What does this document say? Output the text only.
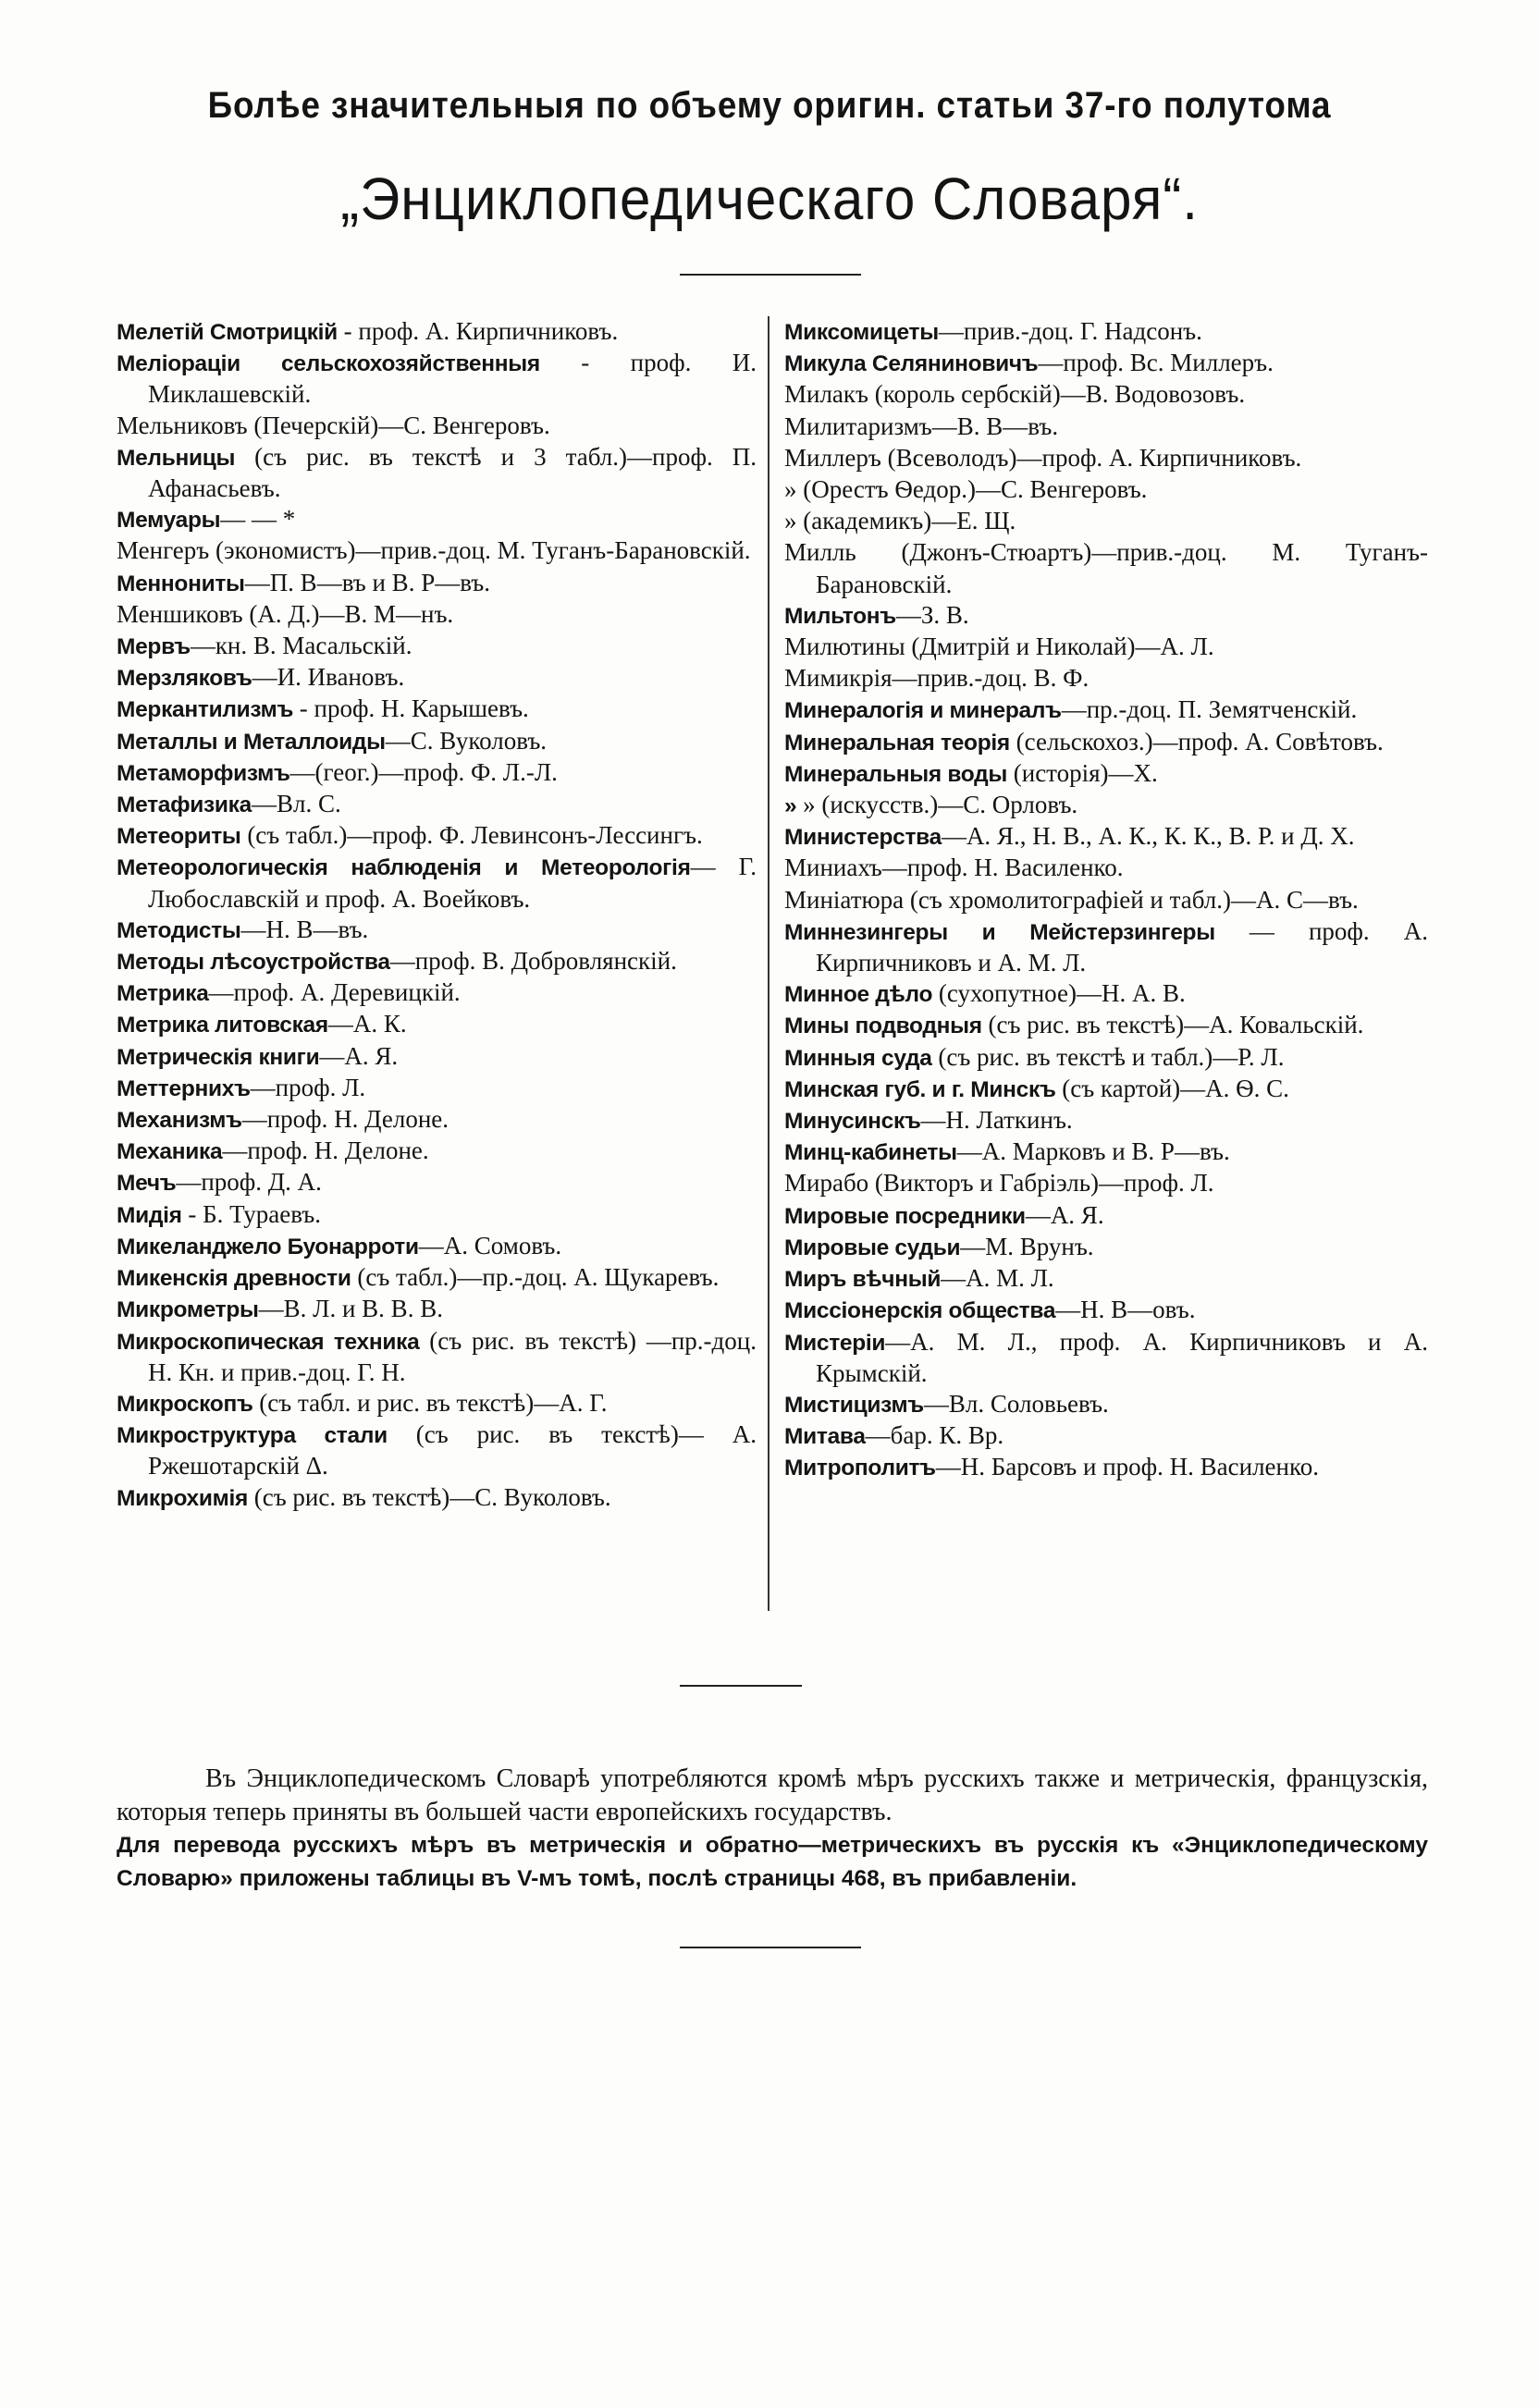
Болѣе значительныя по объему оригин. статьи 37-го полутома
„Энциклопедическаго Словаря“.
Мелетій Смотрицкій - проф. А. Кирпичниковъ.
Меліораціи сельскохозяйственныя - проф. И. Миклашевскій.
Мельниковъ (Печерскій)—С. Венгеровъ.
Мельницы (съ рис. въ текстѣ и 3 табл.)—проф. П. Афанасьевъ.
Мемуары— — *
Менгеръ (экономистъ)—прив.-доц. М. Туганъ-Барановскій.
Меннониты—П. В—въ и В. Р—въ.
Меншиковъ (А. Д.)—В. М—нъ.
Мервъ—кн. В. Масальскій.
Мерзляковъ—И. Ивановъ.
Меркантилизмъ - проф. Н. Карышевъ.
Металлы и Металлоиды—С. Вуколовъ.
Метаморфизмъ—(геог.)—проф. Ф. Л.-Л.
Метафизика—Вл. С.
Метеориты (съ табл.)—проф. Ф. Левинсонъ-Лессингъ.
Метеорологическія наблюденія и Метеорологія— Г. Любославскій и проф. А. Воейковъ.
Методисты—Н. В—въ.
Методы лѣсоустройства—проф. В. Добровлянскій.
Метрика—проф. А. Деревицкій.
Метрика литовская—А. К.
Метрическія книги—А. Я.
Меттернихъ—проф. Л.
Механизмъ—проф. Н. Делоне.
Механика—проф. Н. Делоне.
Мечъ—проф. Д. А.
Мидія - Б. Тураевъ.
Микеланджело Буонарроти—А. Сомовъ.
Микенскія древности (съ табл.)—пр.-доц. А. Щукаревъ.
Микрометры—В. Л. и В. В. В.
Микроскопическая техника (съ рис. въ текстѣ) —пр.-доц. Н. Кн. и прив.-доц. Г. Н.
Микроскопъ (съ табл. и рис. въ текстѣ)—А. Г.
Микроструктура стали (съ рис. въ текстѣ)— А. Ржешотарскій Δ.
Микрохимія (съ рис. въ текстѣ)—С. Вуколовъ.
Миксомицеты—прив.-доц. Г. Надсонъ.
Микула Селяниновичъ—проф. Вс. Миллеръ.
Милакъ (король сербскій)—В. Водовозовъ.
Милитаризмъ—В. В—въ.
Миллеръ (Всеволодъ)—проф. А. Кирпичниковъ.
» (Орестъ Ѳедор.)—С. Венгеровъ.
» (академикъ)—Е. Щ.
Милль (Джонъ-Стюартъ)—прив.-доц. М. Туганъ-Барановскій.
Мильтонъ—З. В.
Милютины (Дмитрій и Николай)—А. Л.
Мимикрія—прив.-доц. В. Ф.
Минералогія и минералъ—пр.-доц. П. Земятченскій.
Минеральная теорія (сельскохоз.)—проф. А. Совѣтовъ.
Минеральныя воды (исторія)—Х.
» » (искусств.)—С. Орловъ.
Министерства—А. Я., Н. В., А. К., К. К., В. Р. и Д. Х.
Миниахъ—проф. Н. Василенко.
Миніатюра (съ хромолитографіей и табл.)—А. С—въ.
Миннезингеры и Мейстерзингеры — проф. А. Кирпичниковъ и А. М. Л.
Минное дѣло (сухопутное)—Н. А. В.
Мины подводныя (съ рис. въ текстѣ)—А. Ковальскій.
Минныя суда (съ рис. въ текстѣ и табл.)—Р. Л.
Минская губ. и г. Минскъ (съ картой)—А. Ѳ. С.
Минусинскъ—Н. Латкинъ.
Минц-кабинеты—А. Марковъ и В. Р—въ.
Мирабо (Викторъ и Габріэль)—проф. Л.
Мировые посредники—А. Я.
Мировые судьи—М. Врунъ.
Миръ вѣчный—А. М. Л.
Миссіонерскія общества—Н. В—овъ.
Мистеріи—А. М. Л., проф. А. Кирпичниковъ и А. Крымскій.
Мистицизмъ—Вл. Соловьевъ.
Митава—бар. К. Вр.
Митрополитъ—Н. Барсовъ и проф. Н. Василенко.

Въ Энциклопедическомъ Словарѣ употребляются кромѣ мѣръ русскихъ также и метрическія, французскія, которыя теперь приняты въ большей части европейскихъ государствъ.

Для перевода русскихъ мѣръ въ метрическія и обратно—метрическихъ въ русскія къ «Энциклопедическому Словарю» приложены таблицы въ V-мъ томѣ, послѣ страницы 468, въ прибавленіи.
